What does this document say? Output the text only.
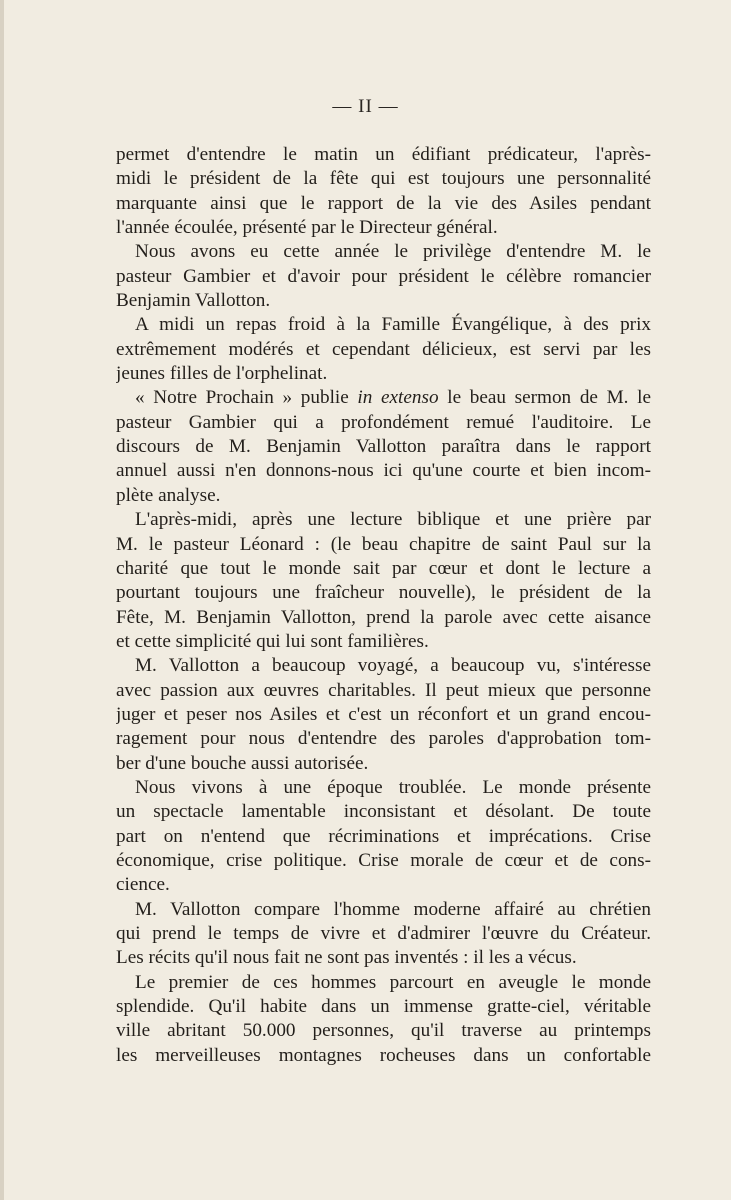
— II —
permet d'entendre le matin un édifiant prédicateur, l'après-
midi le président de la fête qui est toujours une personnalité
marquante ainsi que le rapport de la vie des Asiles pendant
l'année écoulée, présenté par le Directeur général.
Nous avons eu cette année le privilège d'entendre M. le
pasteur Gambier et d'avoir pour président le célèbre romancier
Benjamin Vallotton.
A midi un repas froid à la Famille Évangélique, à des prix
extrêmement modérés et cependant délicieux, est servi par les
jeunes filles de l'orphelinat.
« Notre Prochain » publie in extenso le beau sermon de M. le
pasteur Gambier qui a profondément remué l'auditoire. Le
discours de M. Benjamin Vallotton paraîtra dans le rapport
annuel aussi n'en donnons-nous ici qu'une courte et bien incom-
plète analyse.
L'après-midi, après une lecture biblique et une prière par
M. le pasteur Léonard : (le beau chapitre de saint Paul sur la
charité que tout le monde sait par cœur et dont le lecture a
pourtant toujours une fraîcheur nouvelle), le président de la
Fête, M. Benjamin Vallotton, prend la parole avec cette aisance
et cette simplicité qui lui sont familières.
M. Vallotton a beaucoup voyagé, a beaucoup vu, s'intéresse
avec passion aux œuvres charitables. Il peut mieux que personne
juger et peser nos Asiles et c'est un réconfort et un grand encou-
ragement pour nous d'entendre des paroles d'approbation tom-
ber d'une bouche aussi autorisée.
Nous vivons à une époque troublée. Le monde présente
un spectacle lamentable inconsistant et désolant. De toute
part on n'entend que récriminations et imprécations. Crise
économique, crise politique. Crise morale de cœur et de cons-
cience.
M. Vallotton compare l'homme moderne affairé au chrétien
qui prend le temps de vivre et d'admirer l'œuvre du Créateur.
Les récits qu'il nous fait ne sont pas inventés : il les a vécus.
Le premier de ces hommes parcourt en aveugle le monde
splendide. Qu'il habite dans un immense gratte-ciel, véritable
ville abritant 50.000 personnes, qu'il traverse au printemps
les merveilleuses montagnes rocheuses dans un confortable
